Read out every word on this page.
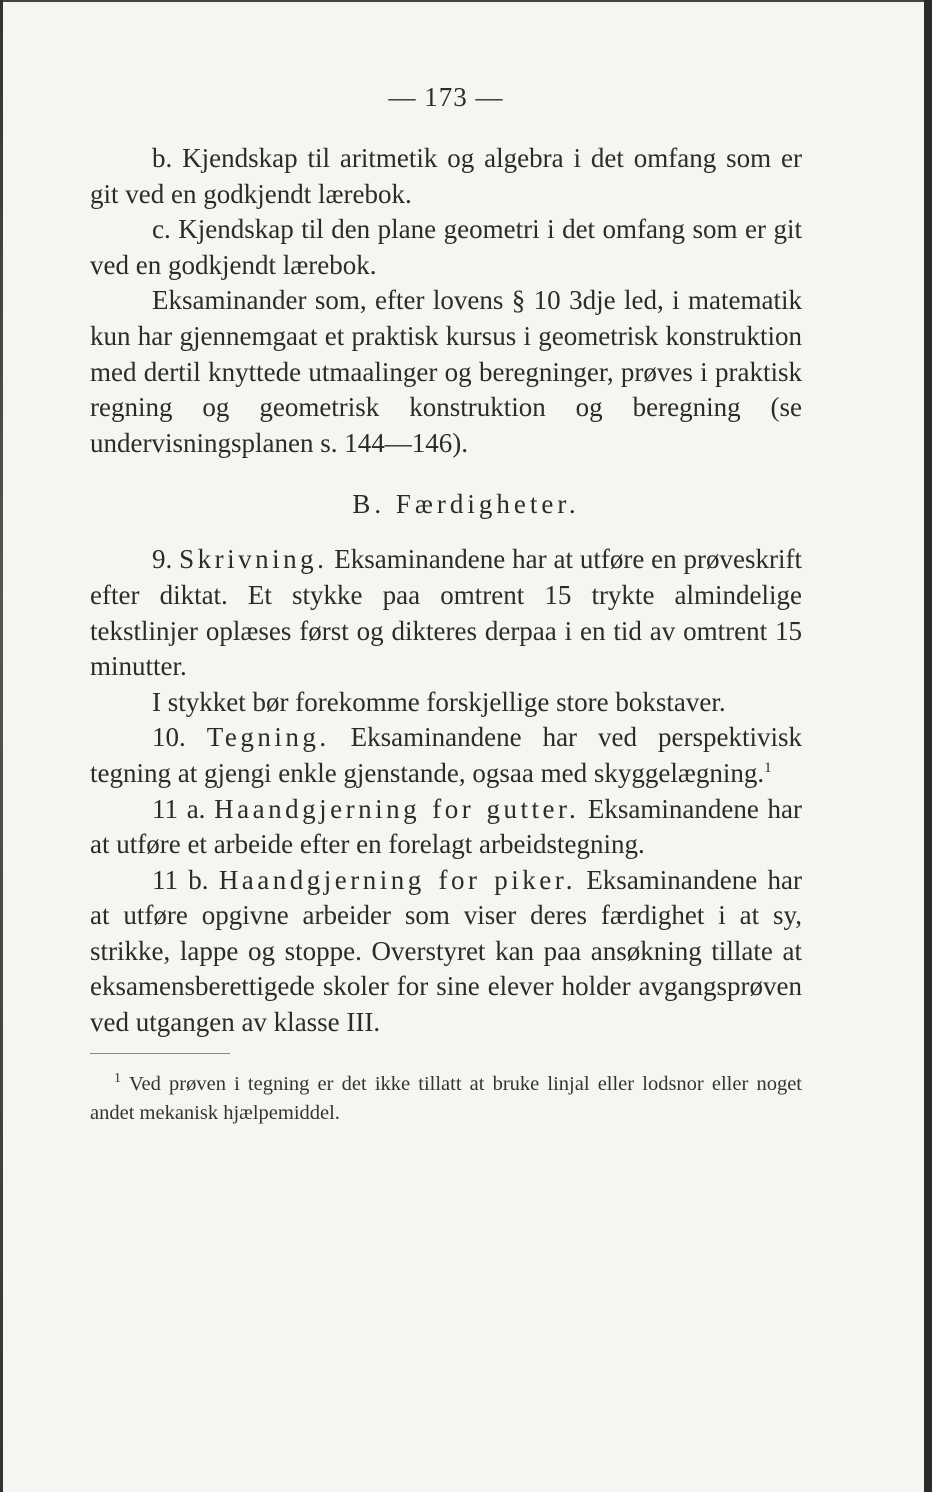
— 173 —

b. Kjendskap til aritmetik og algebra i det omfang som er git ved en godkjendt lærebok.

c. Kjendskap til den plane geometri i det omfang som er git ved en godkjendt lærebok.

Eksaminander som, efter lovens § 10 3dje led, i matematik kun har gjennemgaat et praktisk kursus i geometrisk konstruktion med dertil knyttede utmaalinger og beregninger, prøves i praktisk regning og geometrisk konstruktion og beregning (se undervisningsplanen s. 144—146).

B. Færdigheter.

9. Skrivning. Eksaminandene har at utføre en prøveskrift efter diktat. Et stykke paa omtrent 15 trykte almindelige tekstlinjer oplæses først og dikteres derpaa i en tid av omtrent 15 minutter.

I stykket bør forekomme forskjellige store bokstaver.

10. Tegning. Eksaminandene har ved perspektivisk tegning at gjengi enkle gjenstande, ogsaa med skyggelægning.$^1$

11 a. Haandgjerning for gutter. Eksaminandene har at utføre et arbeide efter en forelagt arbeidstegning.

11 b. Haandgjerning for piker. Eksaminandene har at utføre opgivne arbeider som viser deres færdighet i at sy, strikke, lappe og stoppe. Overstyret kan paa ansøkning tillate at eksamensberettigede skoler for sine elever holder avgangsprøven ved utgangen av klasse III.

$^1$ Ved prøven i tegning er det ikke tillatt at bruke linjal eller lodsnor eller noget andet mekanisk hjælpemiddel.
